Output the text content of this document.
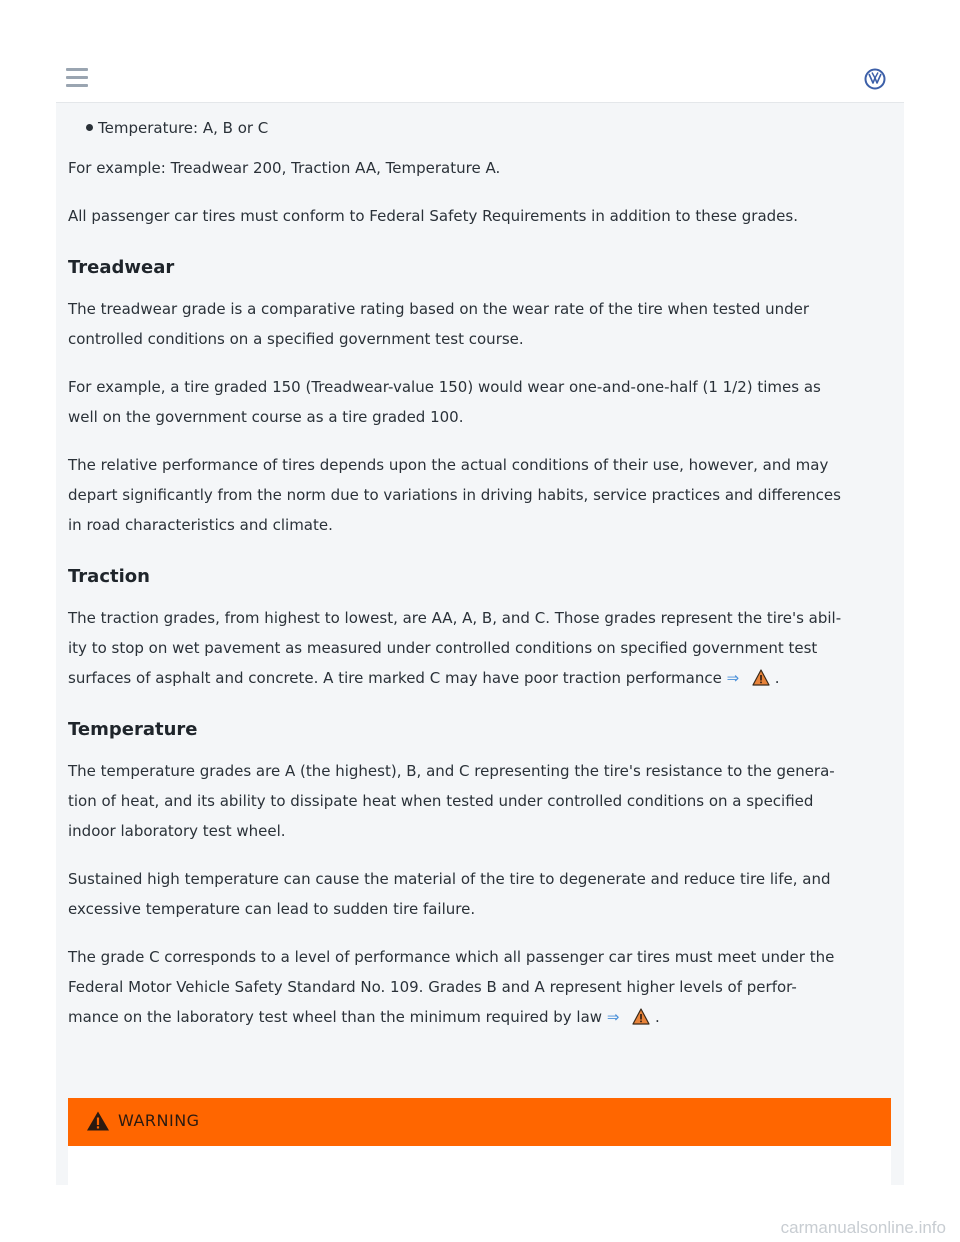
Temperature: A, B or C

For example: Treadwear 200, Traction AA, Temperature A.

All passenger car tires must conform to Federal Safety Requirements in addition to these grades.

Treadwear

The treadwear grade is a comparative rating based on the wear rate of the tire when tested under
controlled conditions on a specified government test course.

For example, a tire graded 150 (Treadwear-value 150) would wear one-and-one-half (1 1/2) times as
well on the government course as a tire graded 100.

The relative performance of tires depends upon the actual conditions of their use, however, and may
depart significantly from the norm due to variations in driving habits, service practices and differences
in road characteristics and climate.

Traction

The traction grades, from highest to lowest, are AA, A, B, and C. Those grades represent the tire's abil-
ity to stop on wet pavement as measured under controlled conditions on specified government test
surfaces of asphalt and concrete. A tire marked C may have poor traction performance ⇒ .

Temperature

The temperature grades are A (the highest), B, and C representing the tire's resistance to the genera-
tion of heat, and its ability to dissipate heat when tested under controlled conditions on a specified
indoor laboratory test wheel.

Sustained high temperature can cause the material of the tire to degenerate and reduce tire life, and
excessive temperature can lead to sudden tire failure.

The grade C corresponds to a level of performance which all passenger car tires must meet under the
Federal Motor Vehicle Safety Standard No. 109. Grades B and A represent higher levels of perfor-
mance on the laboratory test wheel than the minimum required by law ⇒ .

WARNING
carmanualsonline.info
